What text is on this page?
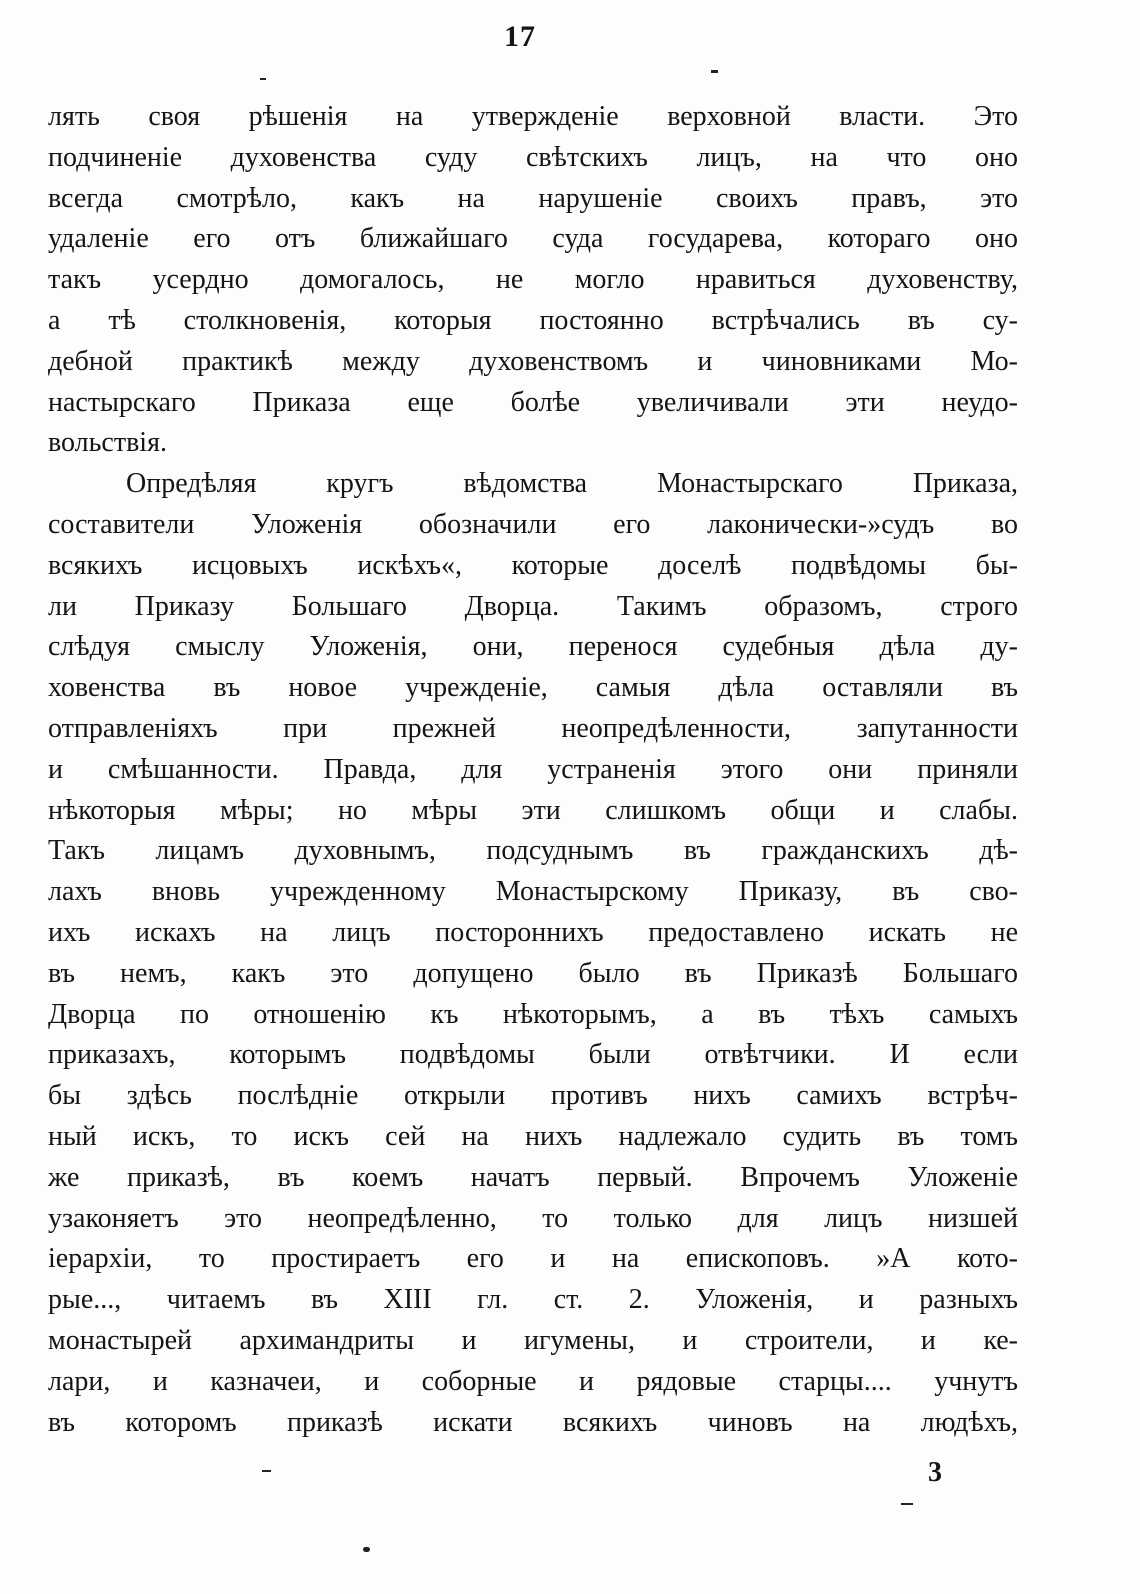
17
лять своя рѣшенія на утвержденіе верховной власти. Это
подчиненіе духовенства суду свѣтскихъ лицъ, на что оно
всегда смотрѣло, какъ на нарушеніе своихъ правъ, это
удаленіе его отъ ближайшаго суда государева, котораго оно
такъ усердно домогалось, не могло нравиться духовенству,
а тѣ столкновенія, которыя постоянно встрѣчались въ су-
дебной практикѣ между духовенствомъ и чиновниками Мо-
настырскаго Приказа еще болѣе увеличивали эти неудо-
вольствія.
Опредѣляя кругъ вѣдомства Монастырскаго Приказа,
составители Уложенія обозначили его лаконически-»судъ во
всякихъ исцовыхъ искѣхъ«, которые доселѣ подвѣдомы бы-
ли Приказу Большаго Дворца. Такимъ образомъ, строго
слѣдуя смыслу Уложенія, они, перенося судебныя дѣла ду-
ховенства въ новое учрежденіе, самыя дѣла оставляли въ
отправленіяхъ при прежней неопредѣленности, запутанности
и смѣшанности. Правда, для устраненія этого они приняли
нѣкоторыя мѣры; но мѣры эти слишкомъ общи и слабы.
Такъ лицамъ духовнымъ, подсуднымъ въ гражданскихъ дѣ-
лахъ вновь учрежденному Монастырскому Приказу, въ сво-
ихъ искахъ на лицъ постороннихъ предоставлено искать не
въ немъ, какъ это допущено было въ Приказѣ Большаго
Дворца по отношенію къ нѣкоторымъ, а въ тѣхъ самыхъ
приказахъ, которымъ подвѣдомы были отвѣтчики. И если
бы здѣсь послѣдніе открыли противъ нихъ самихъ встрѣч-
ный искъ, то искъ сей на нихъ надлежало судить въ томъ
же приказѣ, въ коемъ начатъ первый. Впрочемъ Уложеніе
узаконяетъ это неопредѣленно, то только для лицъ низшей
іерархіи, то простираетъ его и на епископовъ. »А кото-
рые..., читаемъ въ XIII гл. ст. 2. Уложенія, и разныхъ
монастырей архимандриты и игумены, и строители, и ке-
лари, и казначеи, и соборные и рядовые старцы.... учнутъ
въ которомъ приказѣ искати всякихъ чиновъ на людѣхъ,
3
